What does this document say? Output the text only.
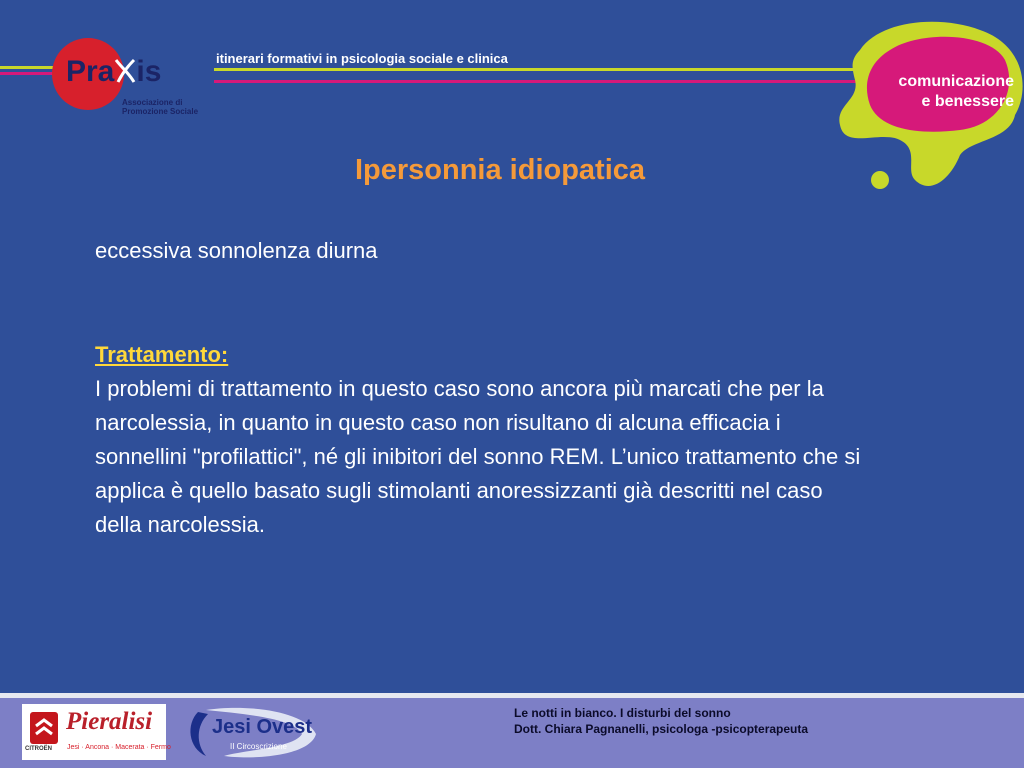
Pra is
Associazione di
Promozione Sociale
itinerari formativi in psicologia sociale e clinica
comunicazione
e benessere
Ipersonnia idiopatica

eccessiva sonnolenza diurna

Trattamento:

I problemi di trattamento in questo caso sono ancora più marcati che per la narcolessia, in quanto in questo caso non risultano di alcuna efficacia i sonnellini "profilattici", né gli inibitori del sonno REM. L’unico trattamento che si applica è quello basato sugli stimolanti anoressizzanti già descritti nel caso della narcolessia.

CITROËN
Pieralisi
Jesi · Ancona · Macerata · Fermo
Jesi Ovest
II Circoscrizione
Le notti in bianco. I disturbi del sonno
Dott. Chiara Pagnanelli, psicologa -psicopterapeuta
